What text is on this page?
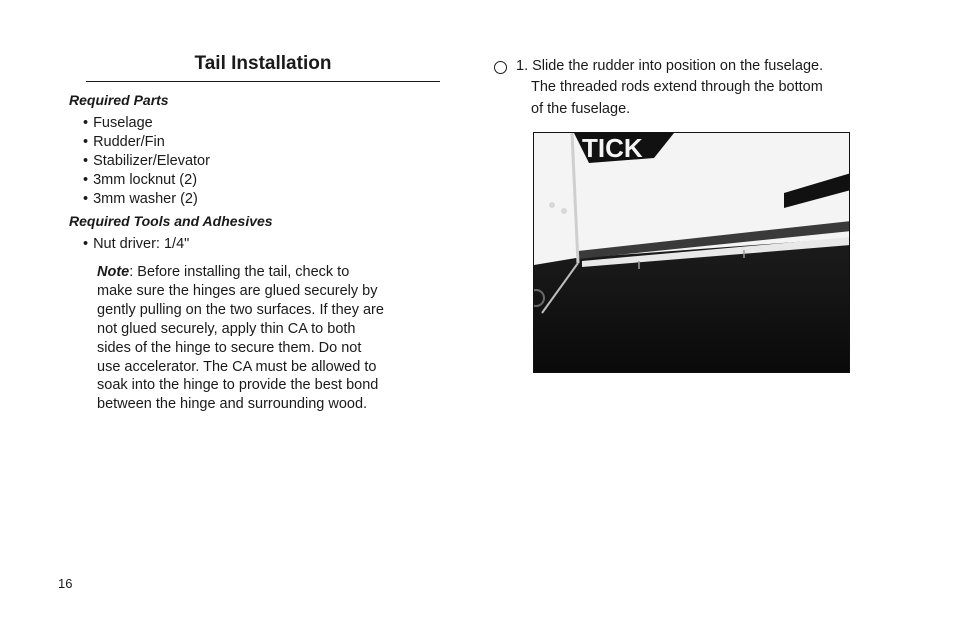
Tail Installation
Required Parts
• Fuselage
• Rudder/Fin
• Stabilizer/Elevator
• 3mm locknut (2)
• 3mm washer (2)
Required Tools and Adhesives
• Nut driver: 1/4"
Note: Before installing the tail, check to
make sure the hinges are glued securely by
gently pulling on the two surfaces. If they are
not glued securely, apply thin CA to both
sides of the hinge to secure them. Do not
use accelerator. The CA must be allowed to
soak into the hinge to provide the best bond
between the hinge and surrounding wood.
1. Slide the rudder into position on the fuselage.
The threaded rods extend through the bottom
of the fuselage.
TICK
16
